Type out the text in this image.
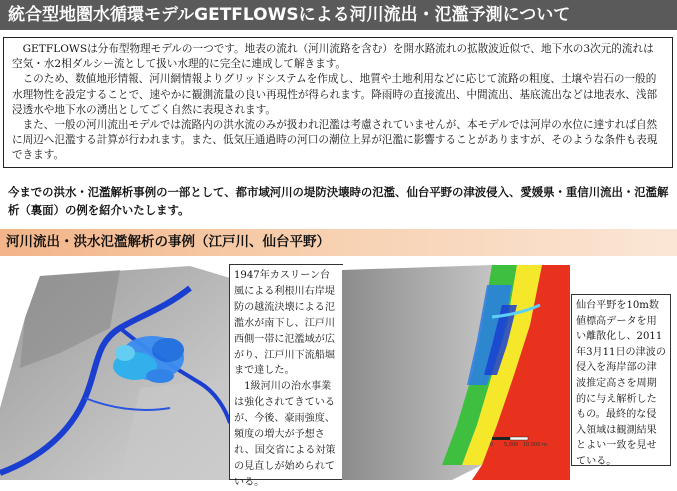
統合型地圏水循環モデルGETFLOWSによる河川流出・氾濫予測について

GETFLOWSは分布型物理モデルの一つです。地表の流れ（河川流路を含む）を開水路流れの拡散波近似で、地下水の3次元的流れは空気・水2相ダルシー流として扱い水理的に完全に連成して解きます。

このため、数値地形情報、河川網情報よりグリッドシステムを作成し、地質や土地利用などに応じて流路の粗度、土壌や岩石の一般的水理物性を設定することで、速やかに観測流量の良い再現性が得られます。降雨時の直接流出、中間流出、基底流出などは地表水、浅部浸透水や地下水の湧出としてごく自然に表現されます。

また、一般の河川流出モデルでは流路内の洪水流のみが扱われ氾濫は考慮されていませんが、本モデルでは河岸の水位に達すれば自然に周辺へ氾濫する計算が行われます。また、低気圧通過時の河口の潮位上昇が氾濫に影響することがありますが、そのような条件も表現できます。

今までの洪水・氾濫解析事例の一部として、都市域河川の堤防決壊時の氾濫、仙台平野の津波侵入、愛媛県・重信川流出・氾濫解析（裏面）の例を紹介いたします。
河川流出・洪水氾濫解析の事例（江戸川、仙台平野）

1947年カスリーン台風による利根川右岸堤防の越流決壊による氾濫水が南下し、江戸川西側一帯に氾濫域が広がり、江戸川下流船堀まで達した。

1級河川の治水事業は強化されてきているが、今後、豪雨強度、頻度の増大が予想され、国交省による対策の見直しが始められている。

0 5,000 10,000 m
仙台平野を10m数値標高データを用い離散化し、2011年3月11日の津波の侵入を海岸部の津波推定高さを周期的に与え解析したもの。最終的な侵入領域は観測結果とよい一致を見せている。
